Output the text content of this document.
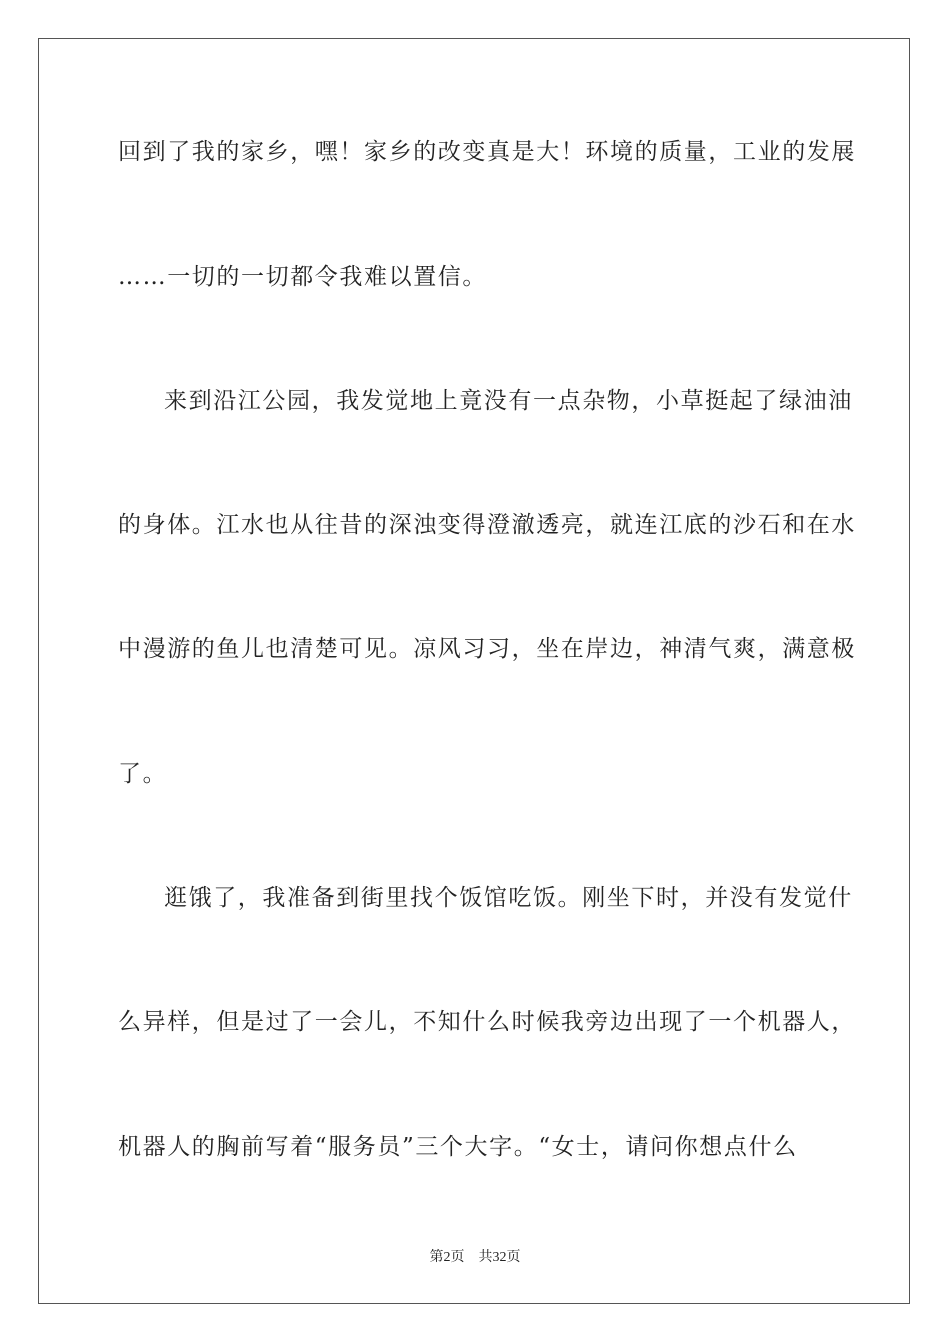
回到了我的家乡，嘿！家乡的改变真是大！环境的质量，工业的发展
……一切的一切都令我难以置信。
来到沿江公园，我发觉地上竟没有一点杂物，小草挺起了绿油油
的身体。江水也从往昔的深浊变得澄澈透亮，就连江底的沙石和在水
中漫游的鱼儿也清楚可见。凉风习习，坐在岸边，神清气爽，满意极
了。
逛饿了，我准备到街里找个饭馆吃饭。刚坐下时，并没有发觉什
么异样，但是过了一会儿，不知什么时候我旁边出现了一个机器人，
机器人的胸前写着“服务员”三个大字。“女士，请问你想点什么
第2页 共32页
